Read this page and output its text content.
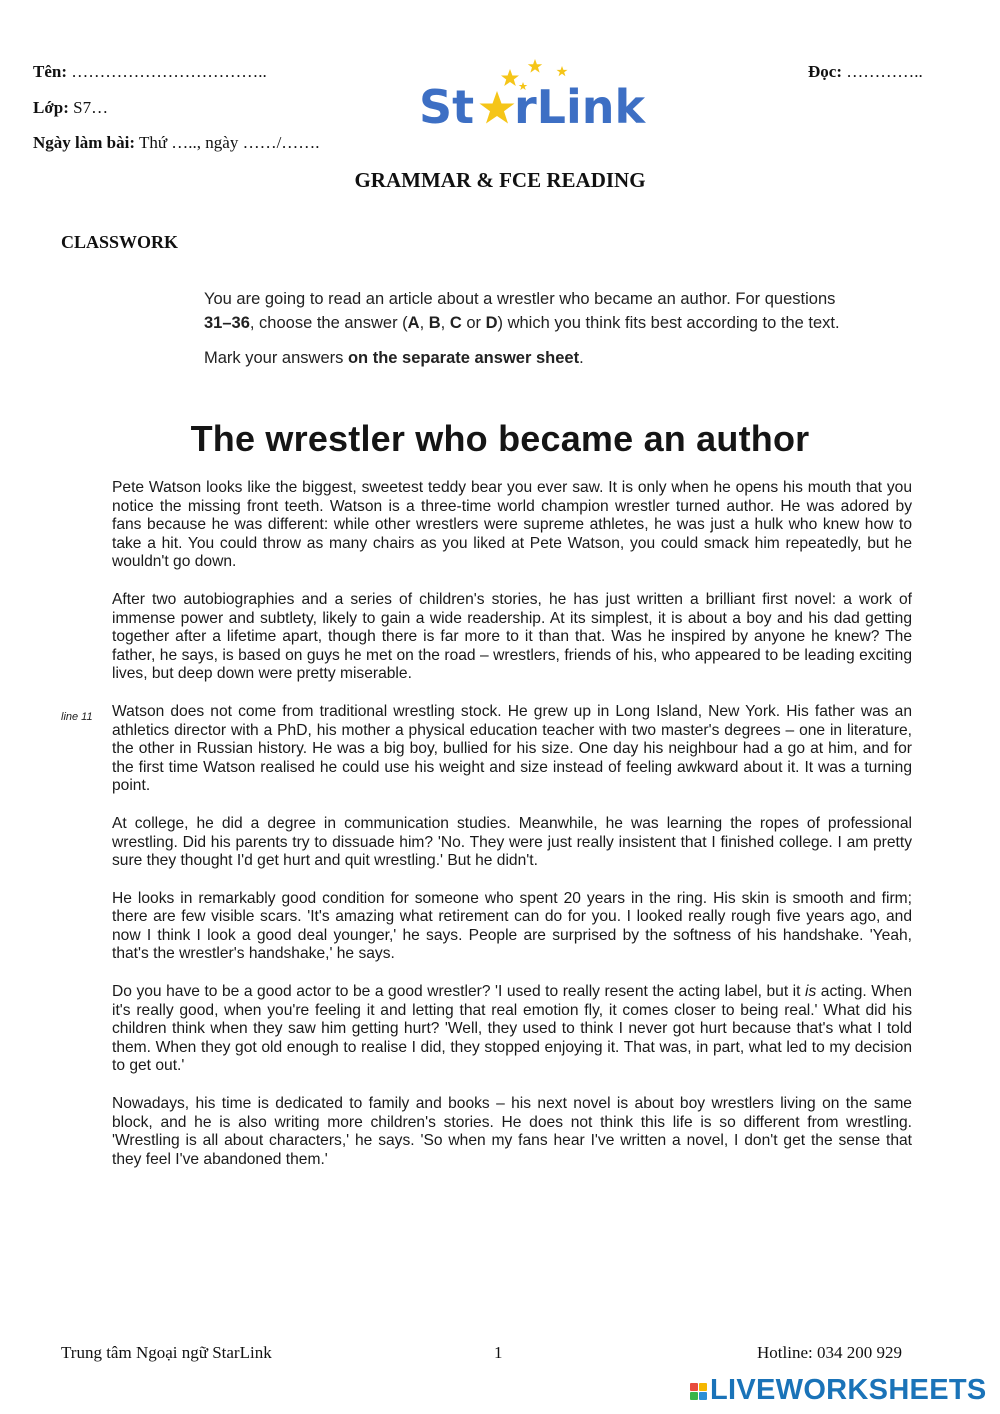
Tên: ……………………………..
Lớp: S7…
Ngày làm bài: Thứ ….., ngày ……/…….
Đọc: …………..
St rLink
GRAMMAR & FCE READING
CLASSWORK

You are going to read an article about a wrestler who became an author. For questions 31–36, choose the answer (A, B, C or D) which you think fits best according to the text.

Mark your answers on the separate answer sheet.

The wrestler who became an author
line 11

Pete Watson looks like the biggest, sweetest teddy bear you ever saw. It is only when he opens his mouth that you notice the missing front teeth. Watson is a three-time world champion wrestler turned author. He was adored by fans because he was different: while other wrestlers were supreme athletes, he was just a hulk who knew how to take a hit. You could throw as many chairs as you liked at Pete Watson, you could smack him repeatedly, but he wouldn't go down.

After two autobiographies and a series of children's stories, he has just written a brilliant first novel: a work of immense power and subtlety, likely to gain a wide readership. At its simplest, it is about a boy and his dad getting together after a lifetime apart, though there is far more to it than that. Was he inspired by anyone he knew? The father, he says, is based on guys he met on the road – wrestlers, friends of his, who appeared to be leading exciting lives, but deep down were pretty miserable.

Watson does not come from traditional wrestling stock. He grew up in Long Island, New York. His father was an athletics director with a PhD, his mother a physical education teacher with two master's degrees – one in literature, the other in Russian history. He was a big boy, bullied for his size. One day his neighbour had a go at him, and for the first time Watson realised he could use his weight and size instead of feeling awkward about it. It was a turning point.

At college, he did a degree in communication studies. Meanwhile, he was learning the ropes of professional wrestling. Did his parents try to dissuade him? 'No. They were just really insistent that I finished college. I am pretty sure they thought I'd get hurt and quit wrestling.' But he didn't.

He looks in remarkably good condition for someone who spent 20 years in the ring. His skin is smooth and firm; there are few visible scars. 'It's amazing what retirement can do for you. I looked really rough five years ago, and now I think I look a good deal younger,' he says. People are surprised by the softness of his handshake. 'Yeah, that's the wrestler's handshake,' he says.

Do you have to be a good actor to be a good wrestler? 'I used to really resent the acting label, but it is acting. When it's really good, when you're feeling it and letting that real emotion fly, it comes closer to being real.' What did his children think when they saw him getting hurt? 'Well, they used to think I never got hurt because that's what I told them. When they got old enough to realise I did, they stopped enjoying it. That was, in part, what led to my decision to get out.'

Nowadays, his time is dedicated to family and books – his next novel is about boy wrestlers living on the same block, and he is also writing more children's stories. He does not think this life is so different from wrestling. 'Wrestling is all about characters,' he says. 'So when my fans hear I've written a novel, I don't get the sense that they feel I've abandoned them.'

Trung tâm Ngoại ngữ StarLink	1	Hotline: 034 200 929
LIVEWORKSHEETS
